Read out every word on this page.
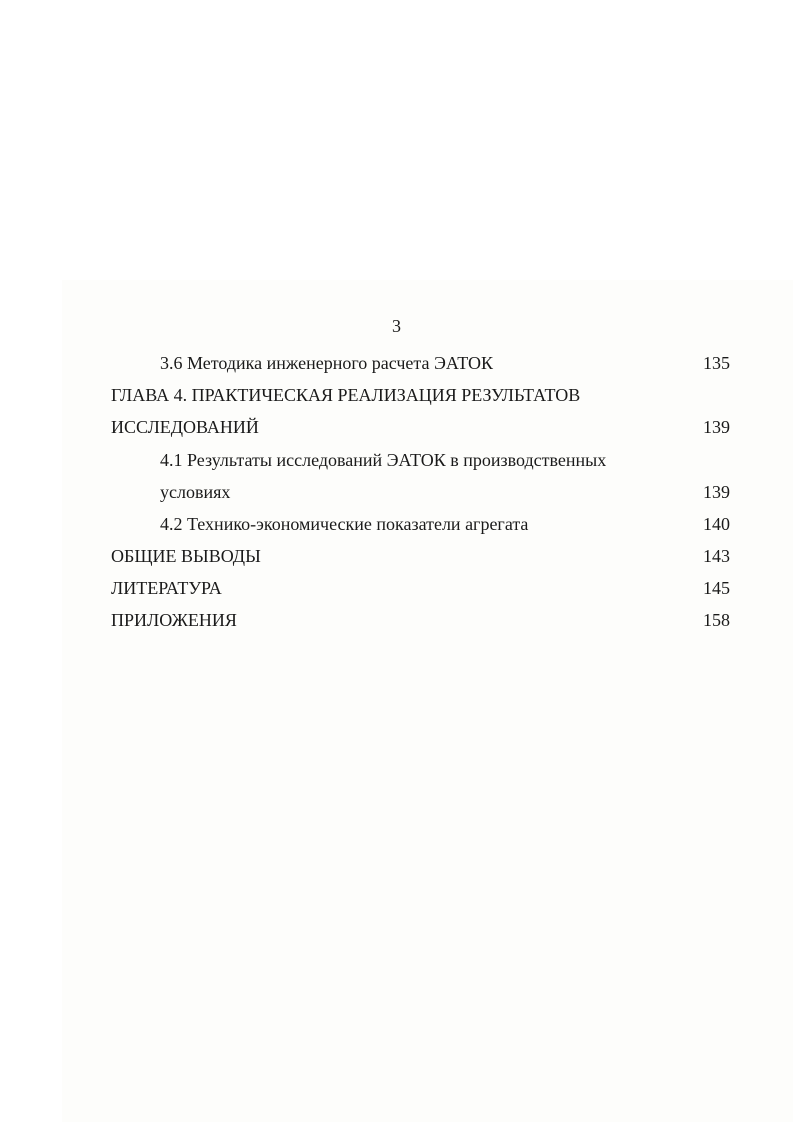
3
3.6 Методика инженерного расчета ЭАТОК	135
ГЛАВА 4. ПРАКТИЧЕСКАЯ РЕАЛИЗАЦИЯ РЕЗУЛЬТАТОВ
ИССЛЕДОВАНИЙ	139
4.1 Результаты исследований ЭАТОК в производственных
условиях	139
4.2 Технико-экономические показатели агрегата	140
ОБЩИЕ ВЫВОДЫ	143
ЛИТЕРАТУРА	145
ПРИЛОЖЕНИЯ	158
